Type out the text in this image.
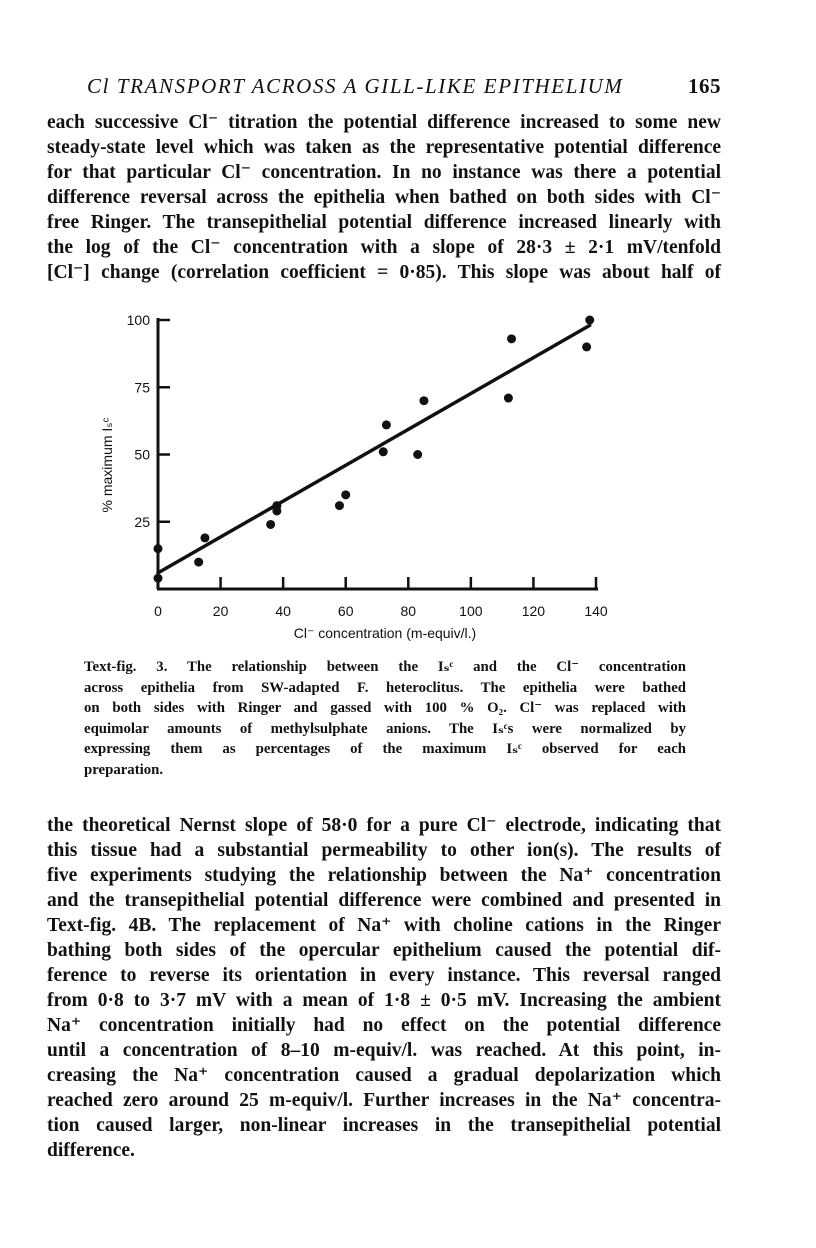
Cl TRANSPORT ACROSS A GILL-LIKE EPITHELIUM	165
each successive Cl⁻ titration the potential difference increased to some new
steady-state level which was taken as the representative potential difference
for that particular Cl⁻ concentration. In no instance was there a potential
difference reversal across the epithelia when bathed on both sides with Cl⁻
free Ringer. The transepithelial potential difference increased linearly with
the log of the Cl⁻ concentration with a slope of 28·3 ± 2·1 mV/tenfold
[Cl⁻] change (correlation coefficient = 0·85). This slope was about half of
25
50
75
100
0	20	40	60	80	100	120	140
% maximum Iₛᶜ
Cl⁻ concentration (m-equiv/l.)
Text-fig. 3. The relationship between the Iₛᶜ and the Cl⁻ concentration
across epithelia from SW-adapted F. heteroclitus. The epithelia were bathed
on both sides with Ringer and gassed with 100 % O₂. Cl⁻ was replaced with
equimolar amounts of methylsulphate anions. The Iₛᶜs were normalized by
expressing them as percentages of the maximum Iₛᶜ observed for each
preparation.
the theoretical Nernst slope of 58·0 for a pure Cl⁻ electrode, indicating that
this tissue had a substantial permeability to other ion(s). The results of
five experiments studying the relationship between the Na⁺ concentration
and the transepithelial potential difference were combined and presented in
Text-fig. 4B. The replacement of Na⁺ with choline cations in the Ringer
bathing both sides of the opercular epithelium caused the potential dif-
ference to reverse its orientation in every instance. This reversal ranged
from 0·8 to 3·7 mV with a mean of 1·8 ± 0·5 mV. Increasing the ambient
Na⁺ concentration initially had no effect on the potential difference
until a concentration of 8–10 m-equiv/l. was reached. At this point, in-
creasing the Na⁺ concentration caused a gradual depolarization which
reached zero around 25 m-equiv/l. Further increases in the Na⁺ concentra-
tion caused larger, non-linear increases in the transepithelial potential
difference.
